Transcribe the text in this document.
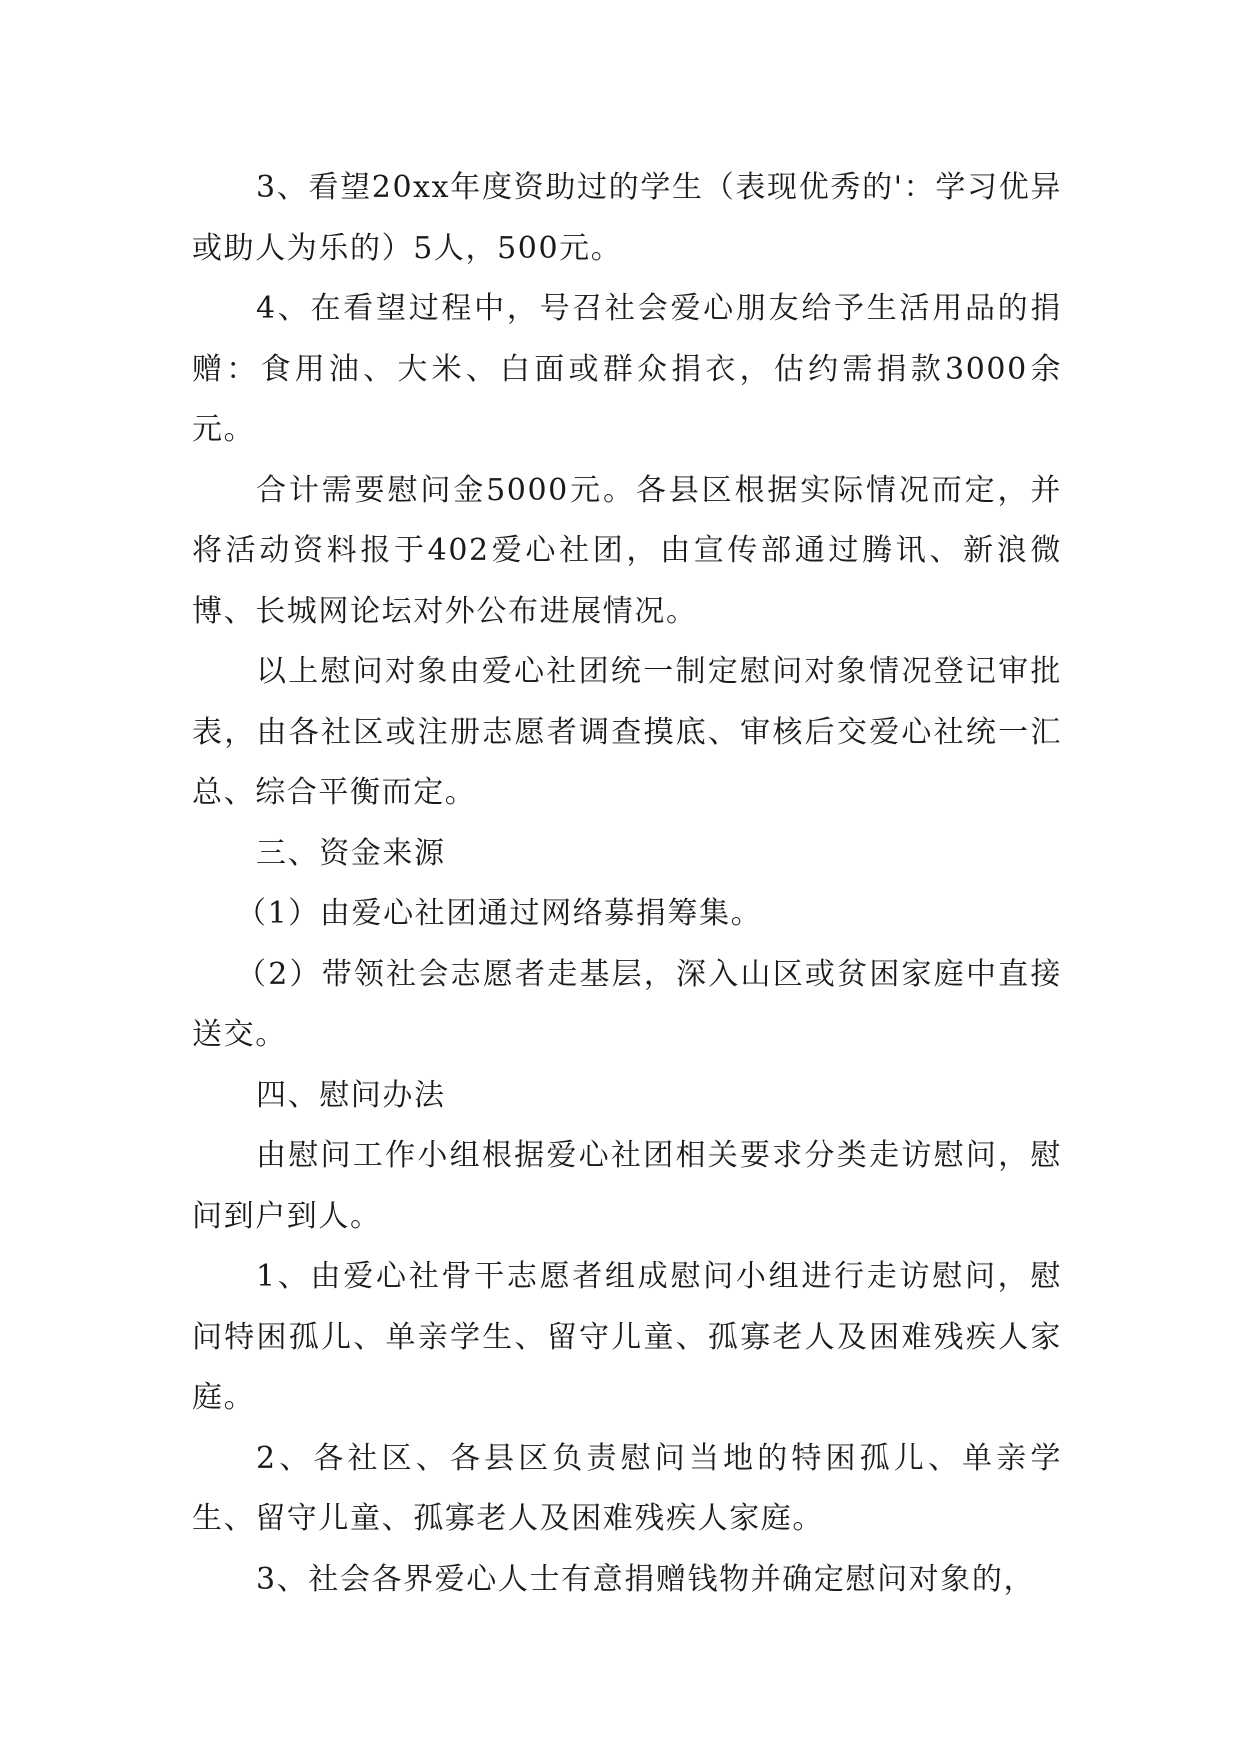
3、看望20xx年度资助过的学生（表现优秀的'：学习优异或助人为乐的）5人，500元。

4、在看望过程中，号召社会爱心朋友给予生活用品的捐赠：食用油、大米、白面或群众捐衣，估约需捐款3000余元。

合计需要慰问金5000元。各县区根据实际情况而定，并将活动资料报于402爱心社团，由宣传部通过腾讯、新浪微博、长城网论坛对外公布进展情况。

以上慰问对象由爱心社团统一制定慰问对象情况登记审批表，由各社区或注册志愿者调查摸底、审核后交爱心社统一汇总、综合平衡而定。

三、资金来源

（1）由爱心社团通过网络募捐筹集。

（2）带领社会志愿者走基层，深入山区或贫困家庭中直接送交。

四、慰问办法

由慰问工作小组根据爱心社团相关要求分类走访慰问，慰问到户到人。

1、由爱心社骨干志愿者组成慰问小组进行走访慰问，慰问特困孤儿、单亲学生、留守儿童、孤寡老人及困难残疾人家庭。

2、各社区、各县区负责慰问当地的特困孤儿、单亲学生、留守儿童、孤寡老人及困难残疾人家庭。

3、社会各界爱心人士有意捐赠钱物并确定慰问对象的，
